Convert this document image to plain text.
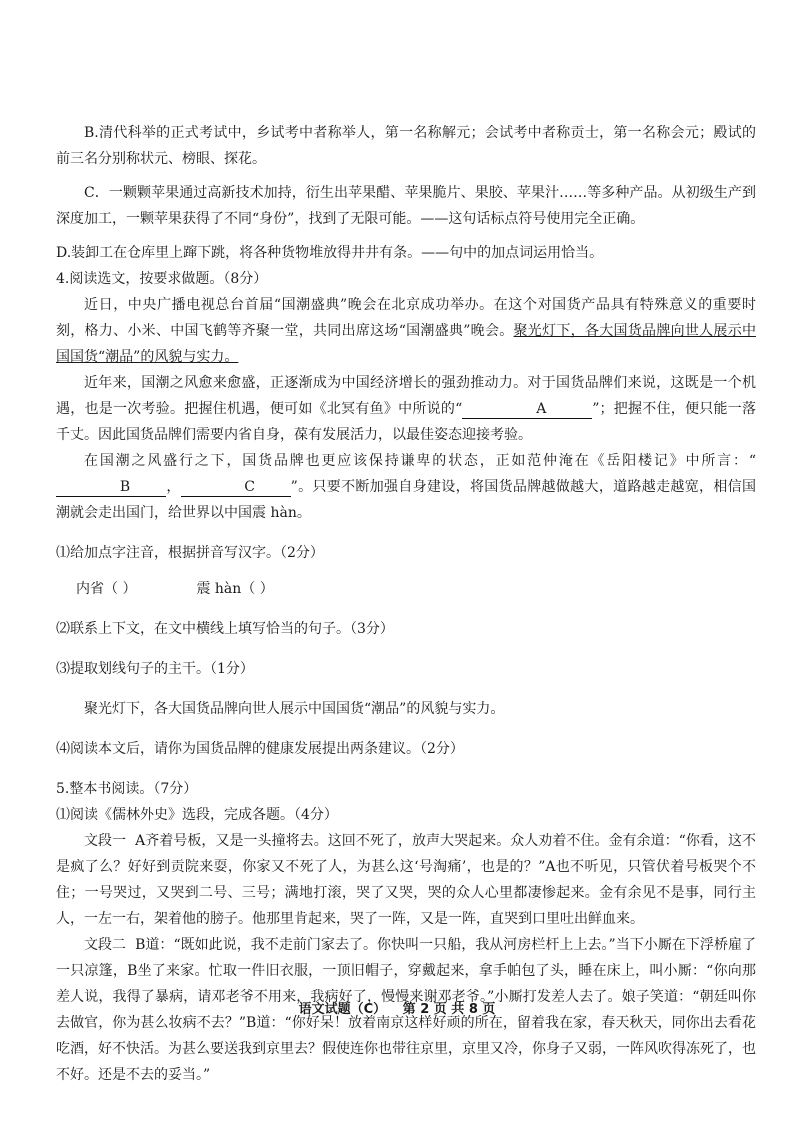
B.清代科举的正式考试中，乡试考中者称举人，第一名称解元；会试考中者称贡士，第一名称会元；殿试的前三名分别称状元、榜眼、探花。

C．一颗颗苹果通过高新技术加持，衍生出苹果醋、苹果脆片、果胶、苹果汁……等多种产品。从初级生产到深度加工，一颗苹果获得了不同“身份”，找到了无限可能。——这句话标点符号使用完全正确。

D.装卸工在仓库里上蹿下跳，将各种货物堆放得井井有条。——句中的加点词运用恰当。

4.阅读选文，按要求做题。（8分）

近日，中央广播电视总台首届“国潮盛典”晚会在北京成功举办。在这个对国货产品具有特殊意义的重要时刻，格力、小米、中国飞鹤等齐聚一堂，共同出席这场“国潮盛典”晚会。聚光灯下，各大国货品牌向世人展示中国国货“潮品”的风貌与实力。

近年来，国潮之风愈来愈盛，正逐渐成为中国经济增长的强劲推动力。对于国货品牌们来说，这既是一个机遇，也是一次考验。把握住机遇，便可如《北冥有鱼》中所说的“	A	”；把握不住，便只能一落千丈。因此国货品牌们需要内省自身，葆有发展活力，以最佳姿态迎接考验。

在国潮之风盛行之下，国货品牌也更应该保持谦卑的状态，正如范仲淹在《岳阳楼记》中所言：“B	，	C	”。只要不断加强自身建设，将国货品牌越做越大，道路越走越宽，相信国潮就会走出国门，给世界以中国震 hàn。

⑴给加点字注音，根据拼音写汉字。（2分）

内省（ ）	震 hàn（ ）

⑵联系上下文，在文中横线上填写恰当的句子。（3分）

⑶提取划线句子的主干。（1分）

聚光灯下，各大国货品牌向世人展示中国国货“潮品”的风貌与实力。

⑷阅读本文后，请你为国货品牌的健康发展提出两条建议。（2分）

5.整本书阅读。（7分）

⑴阅读《儒林外史》选段，完成各题。（4分）

文段一 A齐着号板，又是一头撞将去。这回不死了，放声大哭起来。众人劝着不住。金有余道：“你看，这不是疯了么？好好到贡院来耍，你家又不死了人，为甚么这‘号淘痛’，也是的？”A也不听见，只管伏着号板哭个不住；一号哭过，又哭到二号、三号；满地打滚，哭了又哭，哭的众人心里都凄惨起来。金有余见不是事，同行主人，一左一右，架着他的膀子。他那里肯起来，哭了一阵，又是一阵，直哭到口里吐出鲜血来。

文段二 B道：“既如此说，我不走前门家去了。你快叫一只船，我从河房栏杆上上去。”当下小厮在下浮桥雇了一只凉篷，B坐了来家。忙取一件旧衣服，一顶旧帽子，穿戴起来，拿手帕包了头，睡在床上，叫小厮：“你向那差人说，我得了暴病，请邓老爷不用来，我病好了，慢慢来谢邓老爷。”小厮打发差人去了。娘子笑道：“朝廷叫你去做官，你为甚么妆病不去？”B道：“你好呆！放着南京这样好顽的所在，留着我在家，春天秋天，同你出去看花吃酒，好不快活。为甚么要送我到京里去？假使连你也带往京里，京里又冷，你身子又弱，一阵风吹得冻死了，也不好。还是不去的妥当。”

语文试题（C） 第 2 页 共 8 页
